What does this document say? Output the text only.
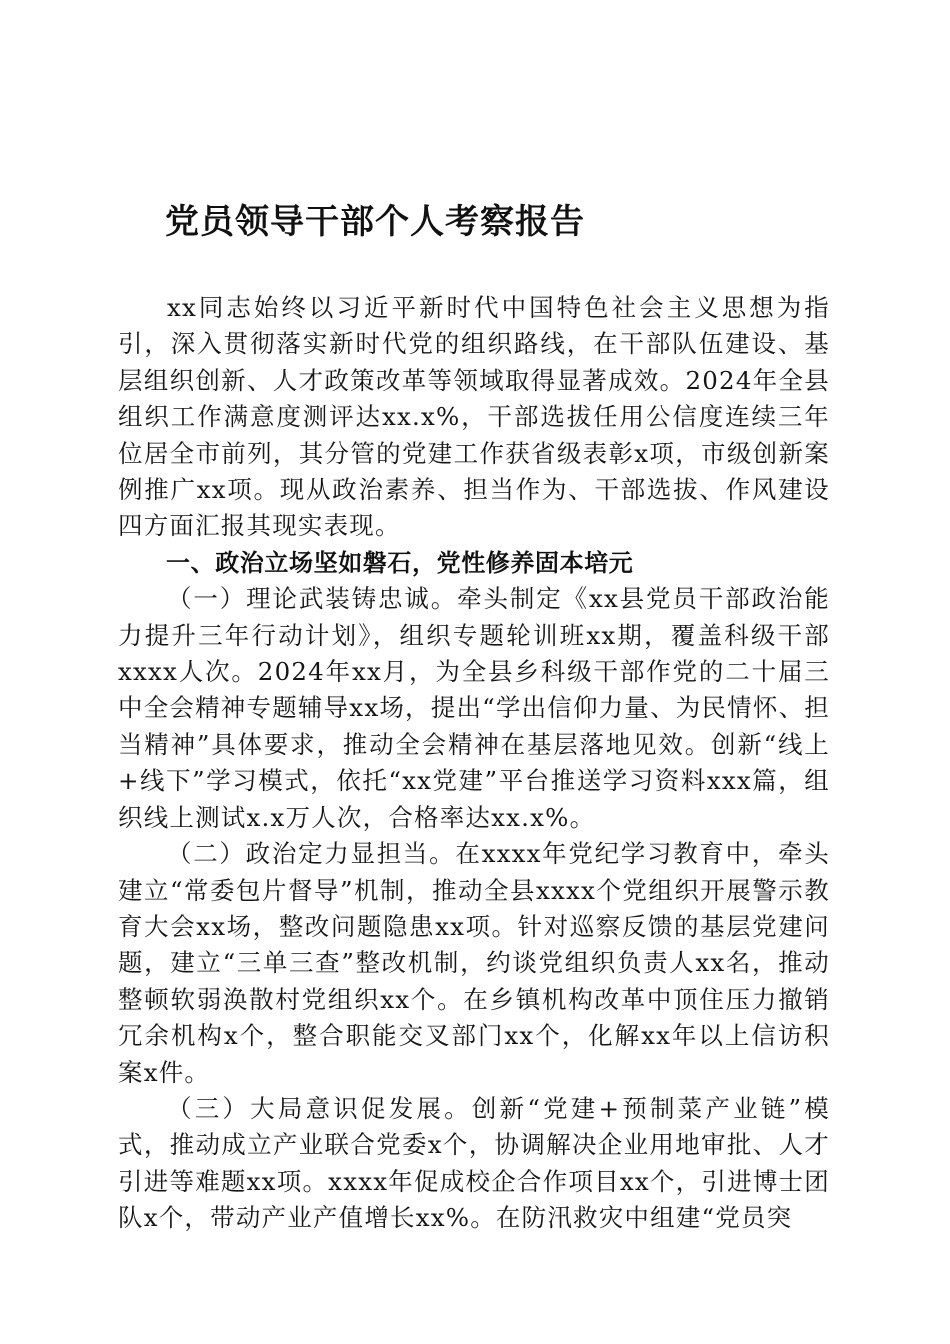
党员领导干部个人考察报告

xx同志始终以习近平新时代中国特色社会主义思想为指引，深入贯彻落实新时代党的组织路线，在干部队伍建设、基层组织创新、人才政策改革等领域取得显著成效。2024年全县组织工作满意度测评达xx.x%，干部选拔任用公信度连续三年位居全市前列，其分管的党建工作获省级表彰x项，市级创新案例推广xx项。现从政治素养、担当作为、干部选拔、作风建设四方面汇报其现实表现。

一、政治立场坚如磐石，党性修养固本培元

（一）理论武装铸忠诚。牵头制定《xx县党员干部政治能力提升三年行动计划》，组织专题轮训班xx期，覆盖科级干部xxxx人次。2024年xx月，为全县乡科级干部作党的二十届三中全会精神专题辅导xx场，提出“学出信仰力量、为民情怀、担当精神”具体要求，推动全会精神在基层落地见效。创新“线上+线下”学习模式，依托“xx党建”平台推送学习资料xxx篇，组织线上测试x.x万人次，合格率达xx.x%。

（二）政治定力显担当。在xxxx年党纪学习教育中，牵头建立“常委包片督导”机制，推动全县xxxx个党组织开展警示教育大会xx场，整改问题隐患xx项。针对巡察反馈的基层党建问题，建立“三单三查”整改机制，约谈党组织负责人xx名，推动整顿软弱涣散村党组织xx个。在乡镇机构改革中顶住压力撤销冗余机构x个，整合职能交叉部门xx个，化解xx年以上信访积案x件。

（三）大局意识促发展。创新“党建+预制菜产业链”模式，推动成立产业联合党委x个，协调解决企业用地审批、人才引进等难题xx项。xxxx年促成校企合作项目xx个，引进博士团队x个，带动产业产值增长xx%。在防汛救灾中组建“党员突
